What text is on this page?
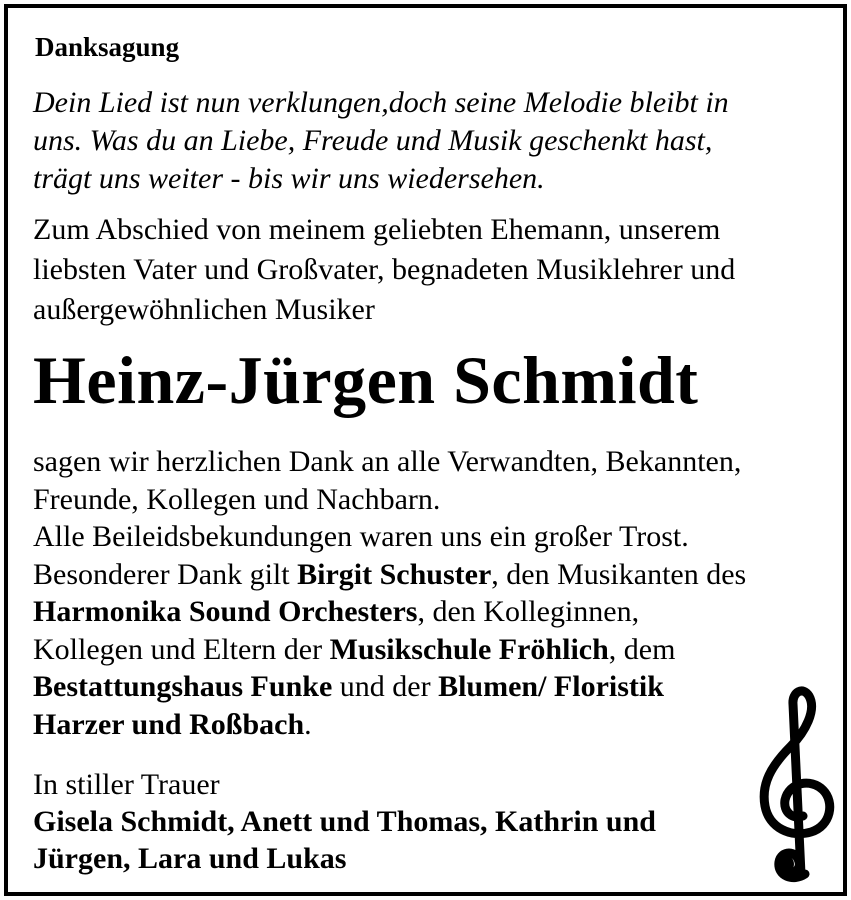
Danksagung
Dein Lied ist nun verklungen,doch seine Melodie bleibt in
uns. Was du an Liebe, Freude und Musik geschenkt hast,
trägt uns weiter - bis wir uns wiedersehen.
Zum Abschied von meinem geliebten Ehemann, unserem
liebsten Vater und Großvater, begnadeten Musiklehrer und
außergewöhnlichen Musiker
Heinz-Jürgen Schmidt
sagen wir herzlichen Dank an alle Verwandten, Bekannten,
Freunde, Kollegen und Nachbarn.
Alle Beileidsbekundungen waren uns ein großer Trost.
Besonderer Dank gilt Birgit Schuster, den Musikanten des
Harmonika Sound Orchesters, den Kolleginnen,
Kollegen und Eltern der Musikschule Fröhlich, dem
Bestattungshaus Funke und der Blumen/ Floristik
Harzer und Roßbach.
In stiller Trauer
Gisela Schmidt, Anett und Thomas, Kathrin und
Jürgen, Lara und Lukas
